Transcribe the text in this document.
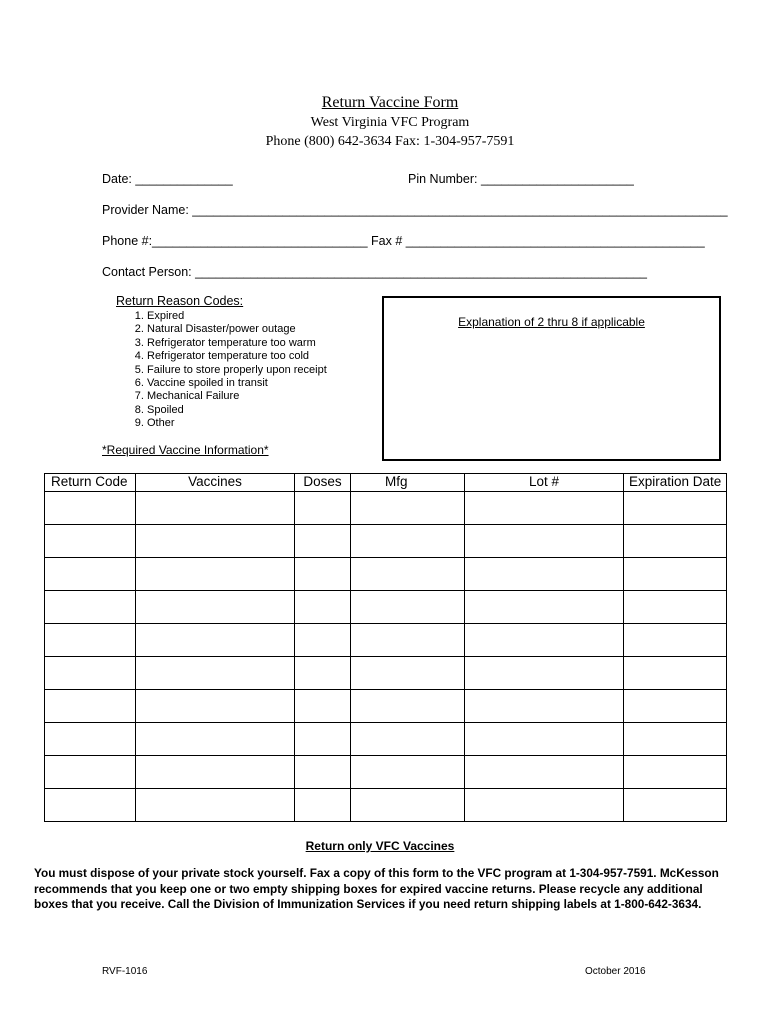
Return Vaccine Form
West Virginia VFC Program
Phone (800) 642-3634 Fax: 1-304-957-7591
Date: ______________	Pin Number: ______________________
Provider Name: _____________________________________________________________________________
Phone #:_______________________________ Fax # ___________________________________________
Contact Person: _________________________________________________________________
Return Reason Codes:
1. Expired
2. Natural Disaster/power outage
3. Refrigerator temperature too warm
4. Refrigerator temperature too cold
5. Failure to store properly upon receipt
6. Vaccine spoiled in transit
7. Mechanical Failure
8. Spoiled
9. Other
Explanation of 2 thru 8 if applicable
*Required Vaccine Information*
Return Code	Vaccines	Doses	Mfg	Lot #	Expiration Date

Return only VFC Vaccines
You must dispose of your private stock yourself. Fax a copy of this form to the VFC program at 1-304-957-7591. McKesson recommends that you keep one or two empty shipping boxes for expired vaccine returns. Please recycle any additional boxes that you receive. Call the Division of Immunization Services if you need return shipping labels at 1-800-642-3634.
RVF-1016	October 2016
